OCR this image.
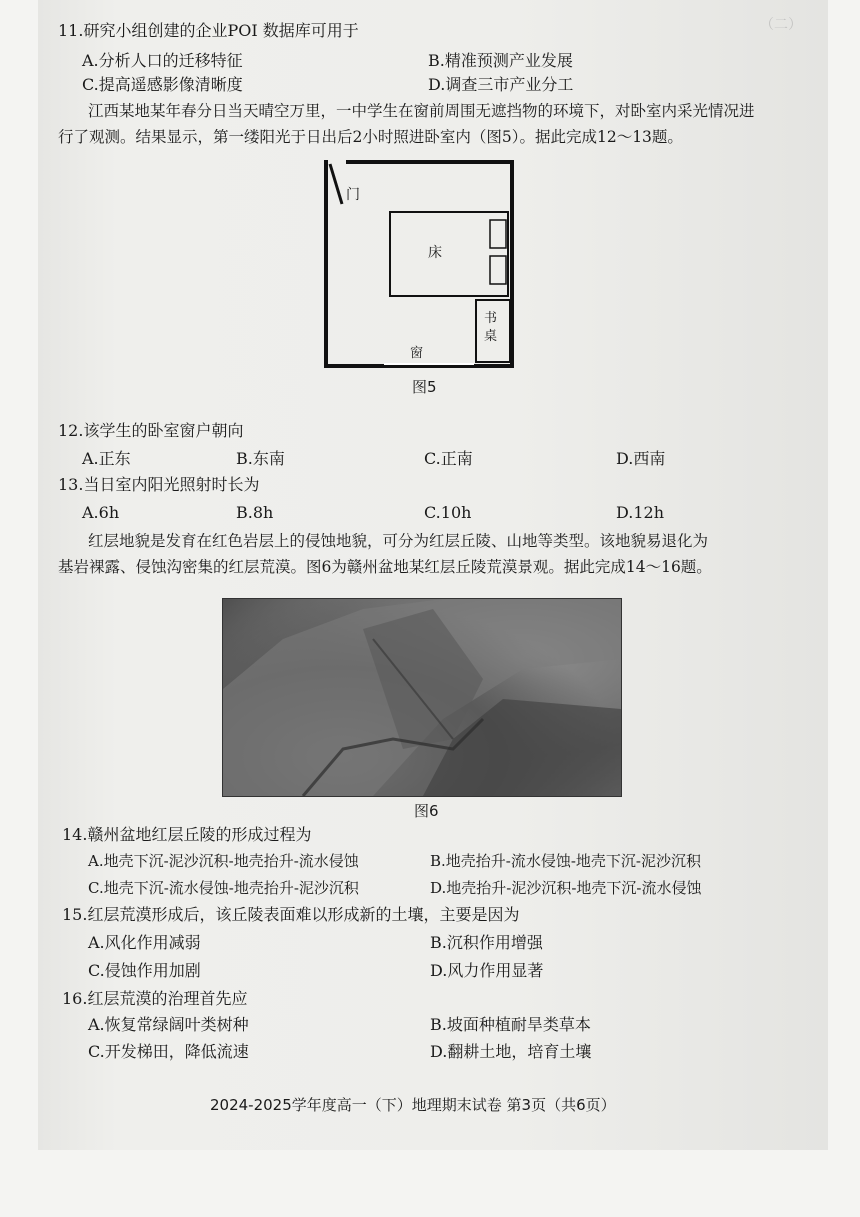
（二）
11.研究小组创建的企业POI 数据库可用于
A.分析人口的迁移特征	B.精准预测产业发展
C.提高遥感影像清晰度	D.调查三市产业分工
江西某地某年春分日当天晴空万里，一中学生在窗前周围无遮挡物的环境下，对卧室内采光情况进
行了观测。结果显示，第一缕阳光于日出后2小时照进卧室内（图5）。据此完成12～13题。
门
床
书桌
窗
图5
12.该学生的卧室窗户朝向
A.正东	B.东南	C.正南	D.西南
13.当日室内阳光照射时长为
A.6h	B.8h	C.10h	D.12h
红层地貌是发育在红色岩层上的侵蚀地貌，可分为红层丘陵、山地等类型。该地貌易退化为
基岩裸露、侵蚀沟密集的红层荒漠。图6为赣州盆地某红层丘陵荒漠景观。据此完成14～16题。
图6
14.赣州盆地红层丘陵的形成过程为
A.地壳下沉-泥沙沉积-地壳抬升-流水侵蚀	B.地壳抬升-流水侵蚀-地壳下沉-泥沙沉积
C.地壳下沉-流水侵蚀-地壳抬升-泥沙沉积	D.地壳抬升-泥沙沉积-地壳下沉-流水侵蚀
15.红层荒漠形成后，该丘陵表面难以形成新的土壤，主要是因为
A.风化作用减弱	B.沉积作用增强
C.侵蚀作用加剧	D.风力作用显著
16.红层荒漠的治理首先应
A.恢复常绿阔叶类树种	B.坡面种植耐旱类草本
C.开发梯田，降低流速	D.翻耕土地，培育土壤
2024-2025学年度高一（下）地理期末试卷 第3页（共6页）
